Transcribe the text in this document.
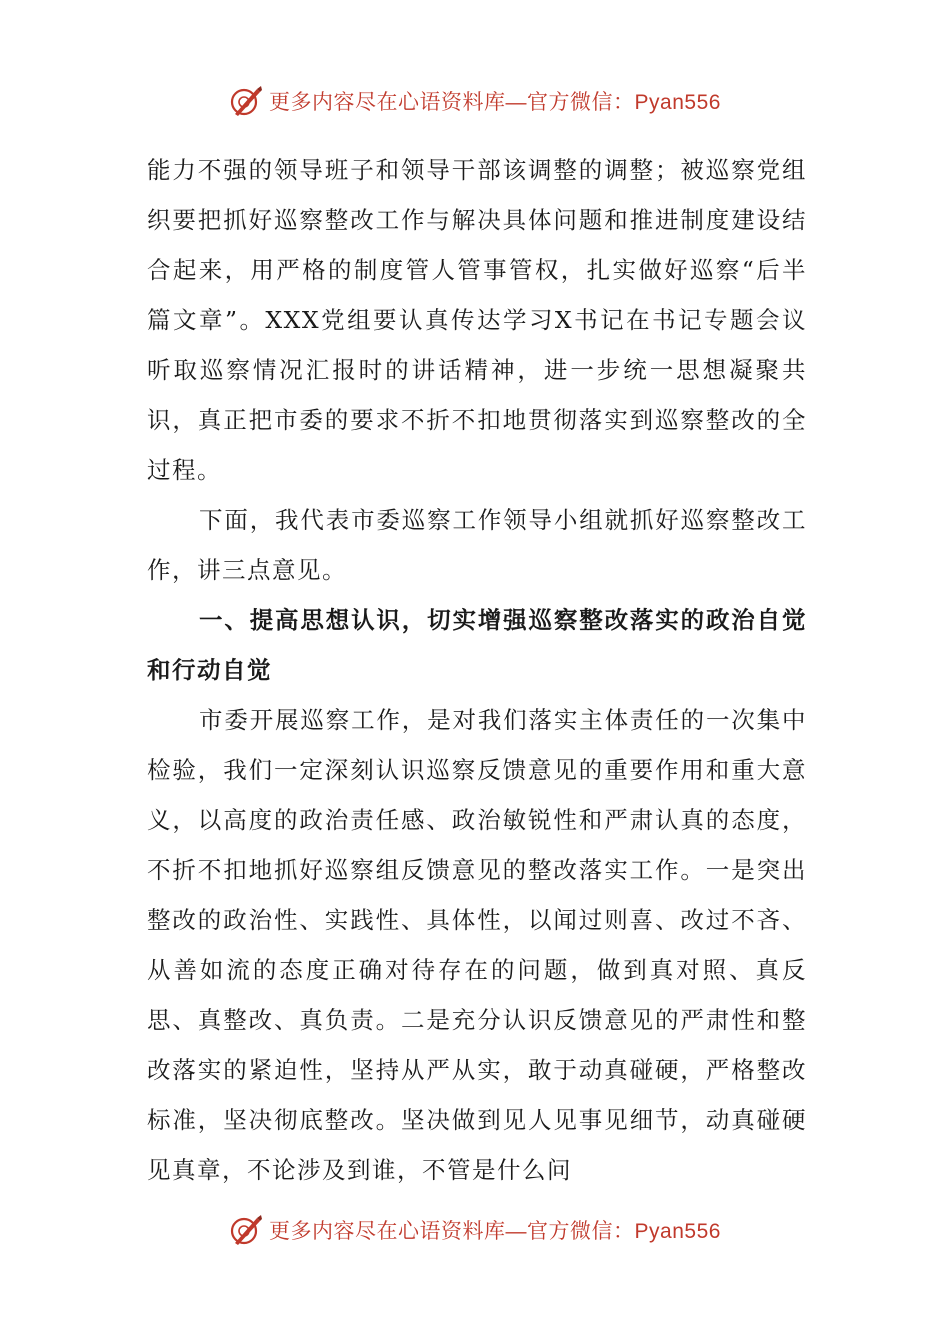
更多内容尽在心语资料库 —官方微信：Pyan556

能力不强的领导班子和领导干部该调整的调整；被巡察党组织要把抓好巡察整改工作与解决具体问题和推进制度建设结合起来，用严格的制度管人管事管权，扎实做好巡察“后半篇文章”。XXX党组要认真传达学习X书记在书记专题会议听取巡察情况汇报时的讲话精神，进一步统一思想凝聚共识，真正把市委的要求不折不扣地贯彻落实到巡察整改的全过程。

下面，我代表市委巡察工作领导小组就抓好巡察整改工作，讲三点意见。

一、提高思想认识，切实增强巡察整改落实的政治自觉和行动自觉

市委开展巡察工作，是对我们落实主体责任的一次集中检验，我们一定深刻认识巡察反馈意见的重要作用和重大意义，以高度的政治责任感、政治敏锐性和严肃认真的态度，不折不扣地抓好巡察组反馈意见的整改落实工作。一是突出整改的政治性、实践性、具体性，以闻过则喜、改过不吝、从善如流的态度正确对待存在的问题，做到真对照、真反思、真整改、真负责。二是充分认识反馈意见的严肃性和整改落实的紧迫性，坚持从严从实，敢于动真碰硬，严格整改标准，坚决彻底整改。坚决做到见人见事见细节，动真碰硬见真章，不论涉及到谁，不管是什么问

更多内容尽在心语资料库 —官方微信：Pyan556
